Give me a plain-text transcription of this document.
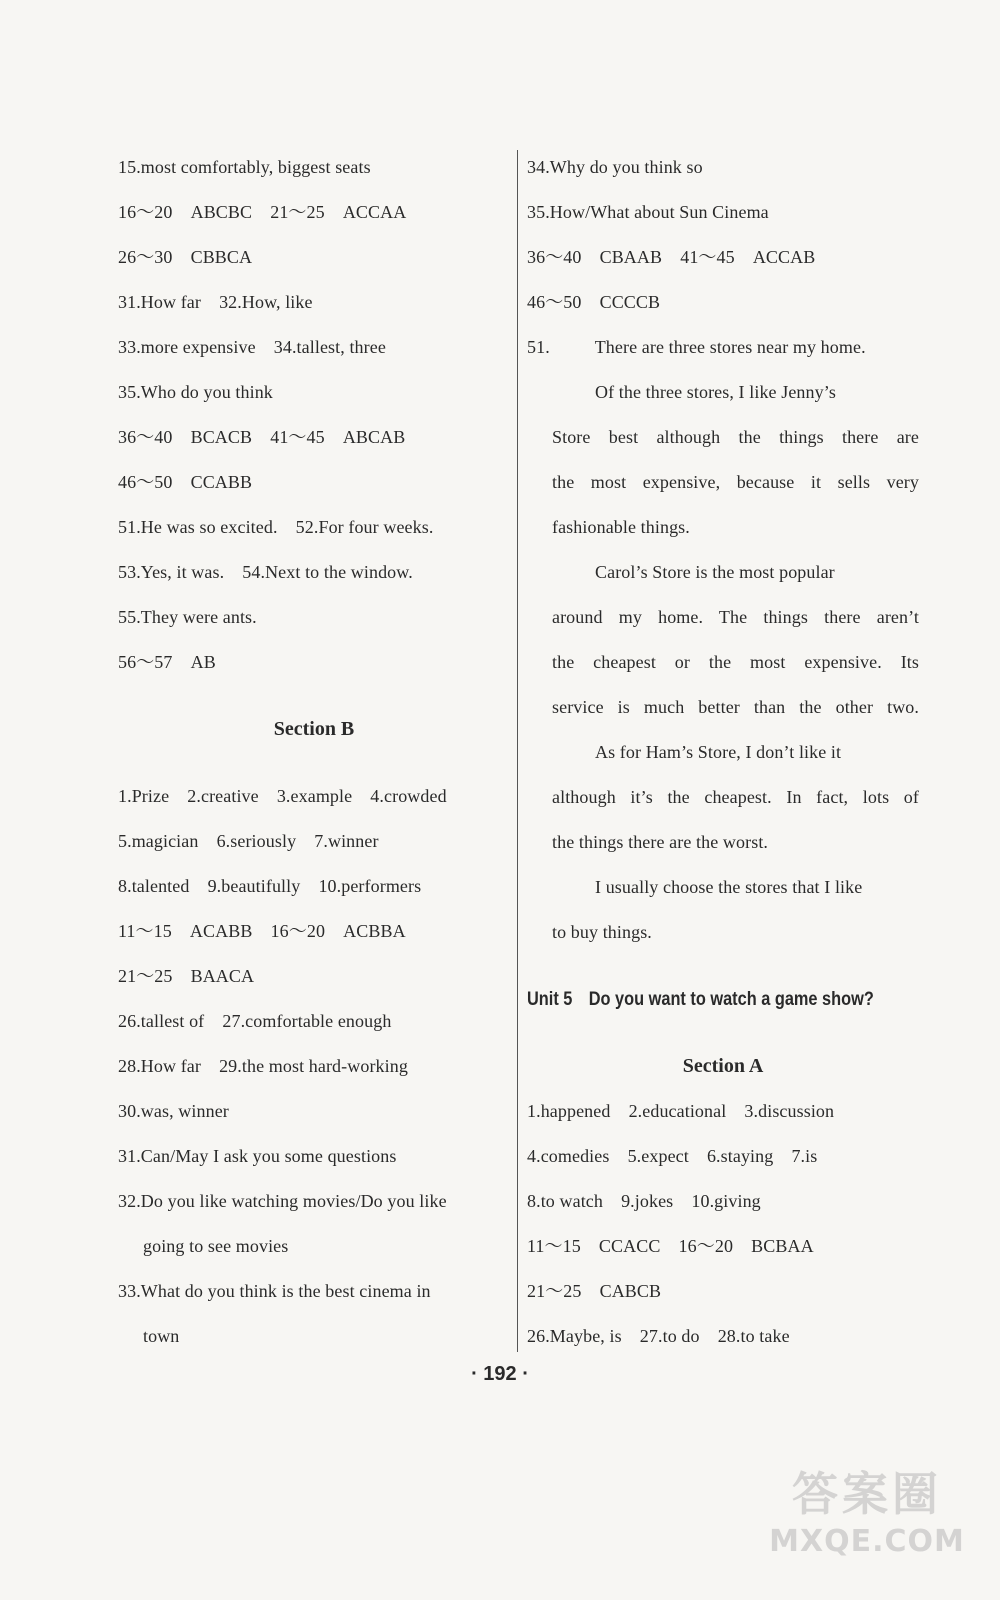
15.most comfortably, biggest seats
16～20　ABCBC　21～25　ACCAA
26～30　CBBCA
31.How far　32.How, like
33.more expensive　34.tallest, three
35.Who do you think
36～40　BCACB　41～45　ABCAB
46～50　CCABB
51.He was so excited.　52.For four weeks.
53.Yes, it was.　54.Next to the window.
55.They were ants.
56～57　AB
Section B
1.Prize　2.creative　3.example　4.crowded
5.magician　6.seriously　7.winner
8.talented　9.beautifully　10.performers
11～15　ACABB　16～20　ACBBA
21～25　BAACA
26.tallest of　27.comfortable enough
28.How far　29.the most hard-working
30.was, winner
31.Can/May I ask you some questions
32.Do you like watching movies/Do you like
going to see movies
33.What do you think is the best cinema in
town
34.Why do you think so
35.How/What about Sun Cinema
36～40　CBAAB　41～45　ACCAB
46～50　CCCCB
51. There are three stores near my home.
Of the three stores, I like Jenny’s
Store best although the things there are
the most expensive, because it sells very
fashionable things.
Carol’s Store is the most popular
around my home. The things there aren’t
the cheapest or the most expensive. Its
service is much better than the other two.
As for Ham’s Store, I don’t like it
although it’s the cheapest. In fact, lots of
the things there are the worst.
I usually choose the stores that I like
to buy things.
Unit 5　Do you want to watch a game show?
Section A
1.happened　2.educational　3.discussion
4.comedies　5.expect　6.staying　7.is
8.to watch　9.jokes　10.giving
11～15　CCACC　16～20　BCBAA
21～25　CABCB
26.Maybe, is　27.to do　28.to take
· 192 ·
答案圈
MXQE.COM
